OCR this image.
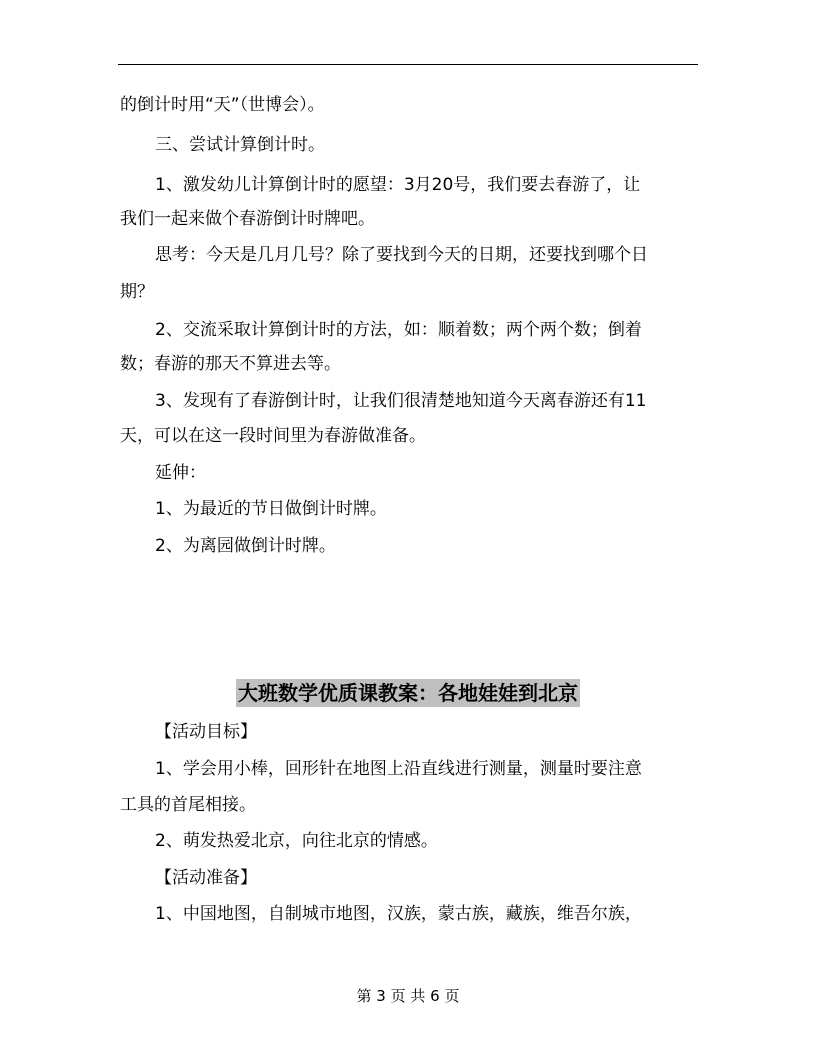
的倒计时用“天”（世博会）。
三、尝试计算倒计时。
1、激发幼儿计算倒计时的愿望：3月20号，我们要去春游了，让
我们一起来做个春游倒计时牌吧。
思考：今天是几月几号？除了要找到今天的日期，还要找到哪个日
期？
2、交流采取计算倒计时的方法，如：顺着数；两个两个数；倒着
数；春游的那天不算进去等。
3、发现有了春游倒计时，让我们很清楚地知道今天离春游还有11
天，可以在这一段时间里为春游做准备。
延伸：
1、为最近的节日做倒计时牌。
2、为离园做倒计时牌。
大班数学优质课教案：各地娃娃到北京
【活动目标】
1、学会用小棒，回形针在地图上沿直线进行测量，测量时要注意
工具的首尾相接。
2、萌发热爱北京，向往北京的情感。
【活动准备】
1、中国地图，自制城市地图，汉族，蒙古族，藏族，维吾尔族，
第 3 页 共 6 页
